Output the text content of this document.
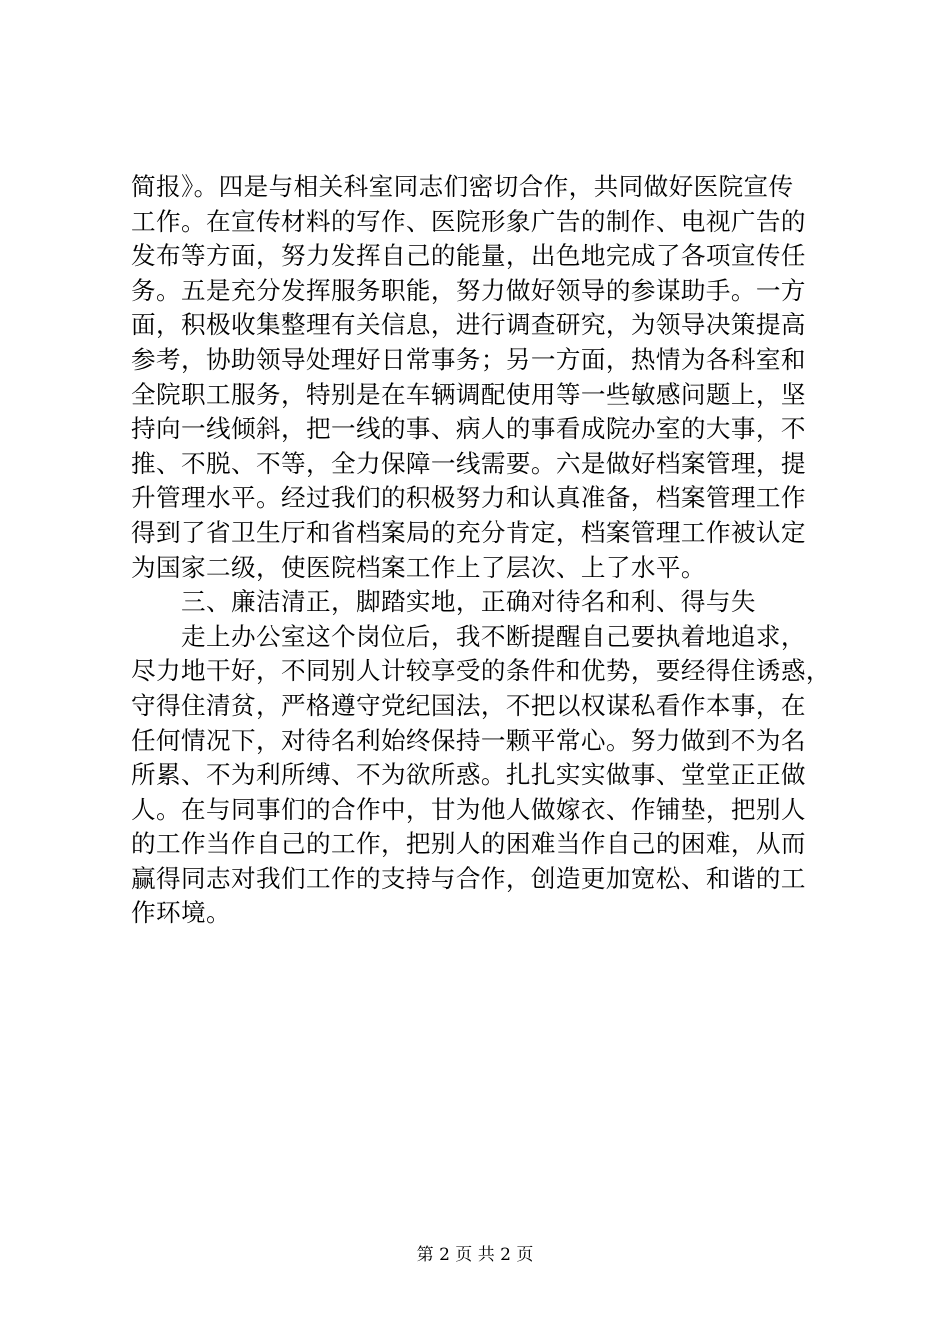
简报》。四是与相关科室同志们密切合作，共同做好医院宣传
工作。在宣传材料的写作、医院形象广告的制作、电视广告的
发布等方面，努力发挥自己的能量，出色地完成了各项宣传任
务。五是充分发挥服务职能，努力做好领导的参谋助手。一方
面，积极收集整理有关信息，进行调查研究，为领导决策提高
参考，协助领导处理好日常事务；另一方面，热情为各科室和
全院职工服务，特别是在车辆调配使用等一些敏感问题上，坚
持向一线倾斜，把一线的事、病人的事看成院办室的大事，不
推、不脱、不等，全力保障一线需要。六是做好档案管理，提
升管理水平。经过我们的积极努力和认真准备，档案管理工作
得到了省卫生厅和省档案局的充分肯定，档案管理工作被认定
为国家二级，使医院档案工作上了层次、上了水平。
　　三、廉洁清正，脚踏实地，正确对待名和利、得与失
　　走上办公室这个岗位后，我不断提醒自己要执着地追求，
尽力地干好，不同别人计较享受的条件和优势，要经得住诱惑，
守得住清贫，严格遵守党纪国法，不把以权谋私看作本事，在
任何情况下，对待名利始终保持一颗平常心。努力做到不为名
所累、不为利所缚、不为欲所惑。扎扎实实做事、堂堂正正做
人。在与同事们的合作中，甘为他人做嫁衣、作铺垫，把别人
的工作当作自己的工作，把别人的困难当作自己的困难，从而
赢得同志对我们工作的支持与合作，创造更加宽松、和谐的工
作环境。
第 2 页 共 2 页
